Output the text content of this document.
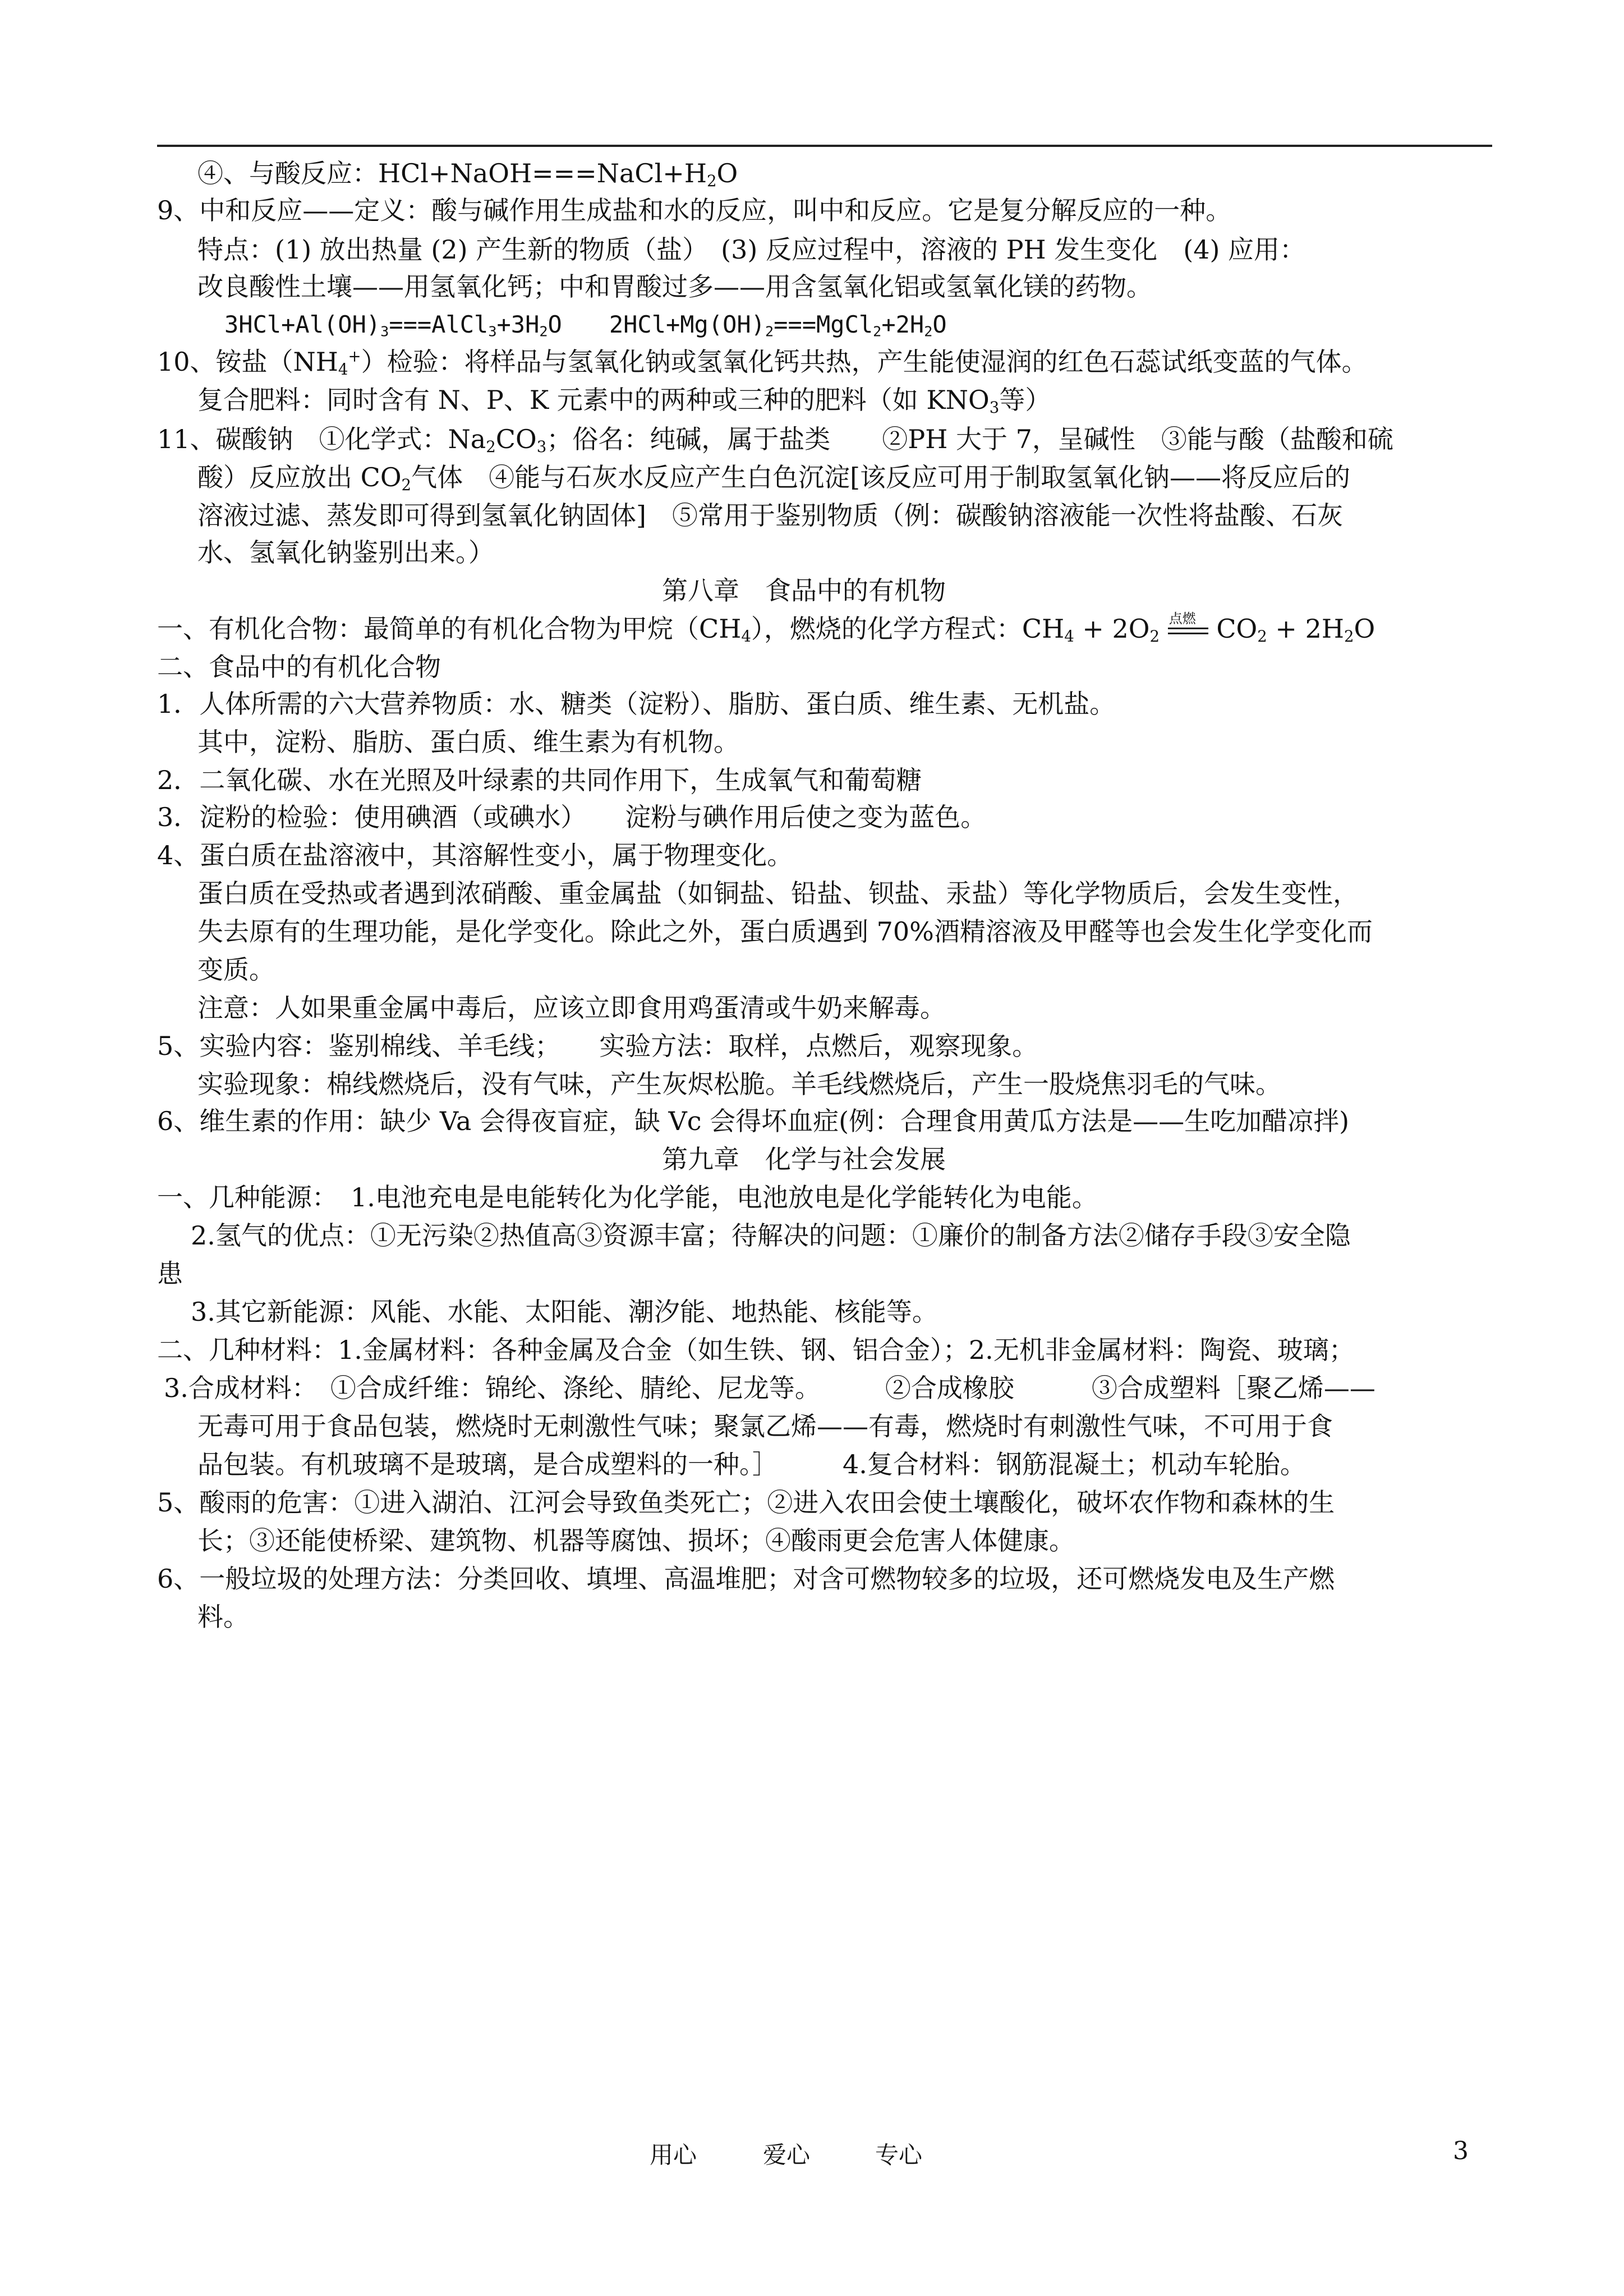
④、与酸反应：$HCl+NaOH===NaCl+H_2O$
9、中和反应——定义：酸与碱作用生成盐和水的反应，叫中和反应。它是复分解反应的一种。
特点：(1) 放出热量 (2) 产生新的物质（盐）　(3) 反应过程中，溶液的 PH 发生变化　(4) 应用：
改良酸性土壤——用氢氧化钙；中和胃酸过多——用含氢氧化铝或氢氧化镁的药物。
$3HCl+Al(OH)_3===AlCl_3+3H_2O$　　$2HCl+Mg(OH)_2===MgCl_2+2H_2O$
10、铵盐$(NH_4^+)$检验：将样品与氢氧化钠或氢氧化钙共热，产生能使湿润的红色石蕊试纸变蓝的气体。
复合肥料：同时含有 N、P、K 元素中的两种或三种的肥料（如 $KNO_3$等）
11、碳酸钠　①化学式：$Na_2CO_3$；俗名：纯碱，属于盐类　　②PH 大于 7，呈碱性　③能与酸（盐酸和硫
酸）反应放出 $CO_2$气体　④能与石灰水反应产生白色沉淀[该反应可用于制取氢氧化钠——将反应后的
溶液过滤、蒸发即可得到氢氧化钠固体]　⑤常用于鉴别物质（例：碳酸钠溶液能一次性将盐酸、石灰
水、氢氧化钠鉴别出来。）
第八章　食品中的有机物
一、有机化合物：最简单的有机化合物为甲烷$(CH_4)$，燃烧的化学方程式：$CH_4 + 2O_2$
点燃 $CO_2 + 2H_2O$
二、食品中的有机化合物
1．人体所需的六大营养物质：水、糖类（淀粉）、脂肪、蛋白质、维生素、无机盐。
其中，淀粉、脂肪、蛋白质、维生素为有机物。
2．二氧化碳、水在光照及叶绿素的共同作用下，生成氧气和葡萄糖
3．淀粉的检验：使用碘酒（或碘水）　　淀粉与碘作用后使之变为蓝色。
4、蛋白质在盐溶液中，其溶解性变小，属于物理变化。
蛋白质在受热或者遇到浓硝酸、重金属盐（如铜盐、铅盐、钡盐、汞盐）等化学物质后，会发生变性，
失去原有的生理功能，是化学变化。除此之外，蛋白质遇到 70%酒精溶液及甲醛等也会发生化学变化而
变质。
注意：人如果重金属中毒后，应该立即食用鸡蛋清或牛奶来解毒。
5、实验内容：鉴别棉线、羊毛线；　　实验方法：取样，点燃后，观察现象。
实验现象：棉线燃烧后，没有气味，产生灰烬松脆。羊毛线燃烧后，产生一股烧焦羽毛的气味。
6、维生素的作用：缺少 Va 会得夜盲症，缺 Vc 会得坏血症(例：合理食用黄瓜方法是——生吃加醋凉拌)
第九章　化学与社会发展
一、几种能源：　1.电池充电是电能转化为化学能，电池放电是化学能转化为电能。
2.氢气的优点：①无污染②热值高③资源丰富；待解决的问题：①廉价的制备方法②储存手段③安全隐
患
3.其它新能源：风能、水能、太阳能、潮汐能、地热能、核能等。
二、几种材料：1.金属材料：各种金属及合金（如生铁、钢、铝合金）；2.无机非金属材料：陶瓷、玻璃；
3.合成材料：　①合成纤维：锦纶、涤纶、腈纶、尼龙等。　　　②合成橡胶　　　③合成塑料［聚乙烯——
无毒可用于食品包装，燃烧时无刺激性气味；聚氯乙烯——有毒，燃烧时有刺激性气味，不可用于食
品包装。有机玻璃不是玻璃，是合成塑料的一种。］　　　4.复合材料：钢筋混凝土；机动车轮胎。
5、酸雨的危害：①进入湖泊、江河会导致鱼类死亡；②进入农田会使土壤酸化，破坏农作物和森林的生
长；③还能使桥梁、建筑物、机器等腐蚀、损坏；④酸雨更会危害人体健康。
6、一般垃圾的处理方法：分类回收、填埋、高温堆肥；对含可燃物较多的垃圾，还可燃烧发电及生产燃
料。
用心	爱心	专心	3
